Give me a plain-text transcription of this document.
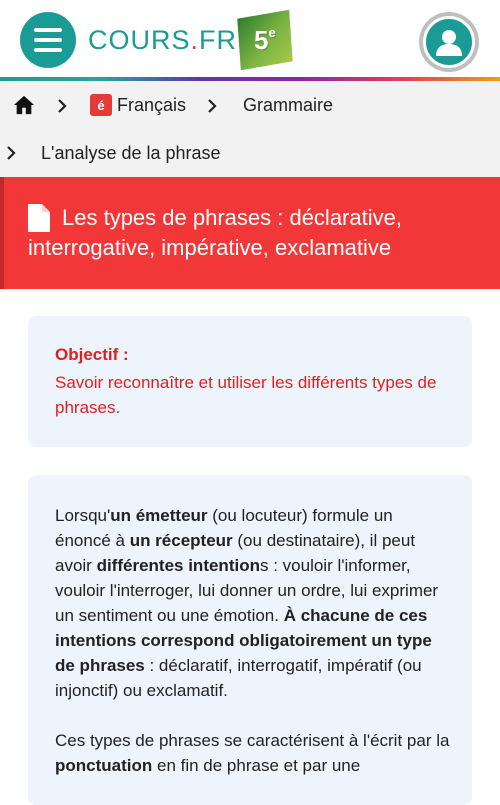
COURS.FR 5e
é Français	Grammaire
L'analyse de la phrase
Les types de phrases : déclarative, interrogative, impérative, exclamative
Objectif :
Savoir reconnaître et utiliser les différents types de phrases.

Lorsqu'un émetteur (ou locuteur) formule un énoncé à un récepteur (ou destinataire), il peut avoir différentes intentions : vouloir l'informer, vouloir l'interroger, lui donner un ordre, lui exprimer un sentiment ou une émotion. À chacune de ces intentions correspond obligatoirement un type de phrases : déclaratif, interrogatif, impératif (ou injonctif) ou exclamatif.

Ces types de phrases se caractérisent à l'écrit par la ponctuation en fin de phrase et par une
